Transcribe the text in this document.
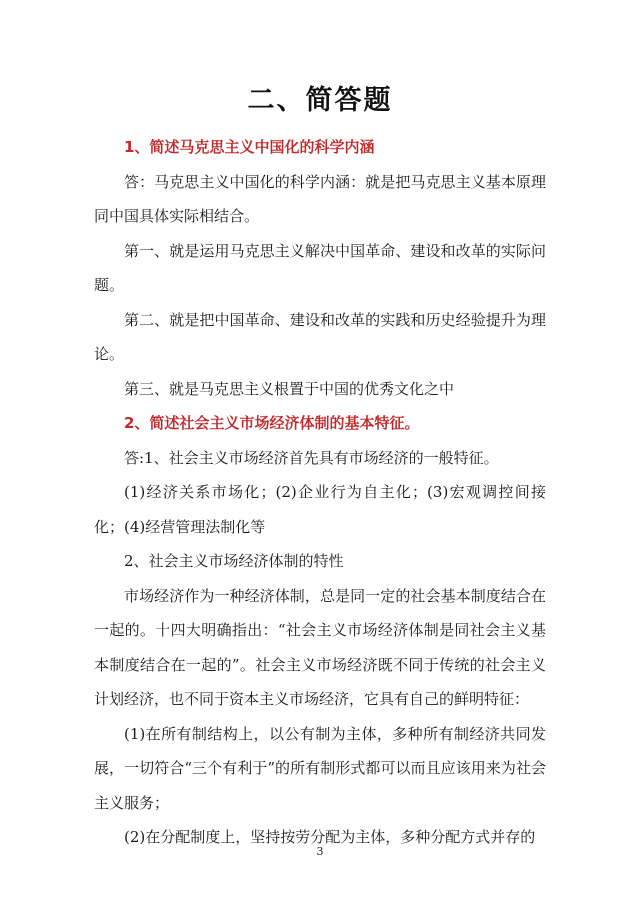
二、简答题

1、简述马克思主义中国化的科学内涵

答：马克思主义中国化的科学内涵：就是把马克思主义基本原理同中国具体实际相结合。

第一、就是运用马克思主义解决中国革命、建设和改革的实际问题。

第二、就是把中国革命、建设和改革的实践和历史经验提升为理论。

第三、就是马克思主义根置于中国的优秀文化之中

2、简述社会主义市场经济体制的基本特征。

答:1、社会主义市场经济首先具有市场经济的一般特征。

(1)经济关系市场化；(2)企业行为自主化；(3)宏观调控间接化；(4)经营管理法制化等

2、社会主义市场经济体制的特性

市场经济作为一种经济体制，总是同一定的社会基本制度结合在一起的。十四大明确指出：“社会主义市场经济体制是同社会主义基本制度结合在一起的”。社会主义市场经济既不同于传统的社会主义计划经济，也不同于资本主义市场经济，它具有自己的鲜明特征：

(1)在所有制结构上，以公有制为主体，多种所有制经济共同发展，一切符合“三个有利于”的所有制形式都可以而且应该用来为社会主义服务；

(2)在分配制度上，坚持按劳分配为主体，多种分配方式并存的

3
